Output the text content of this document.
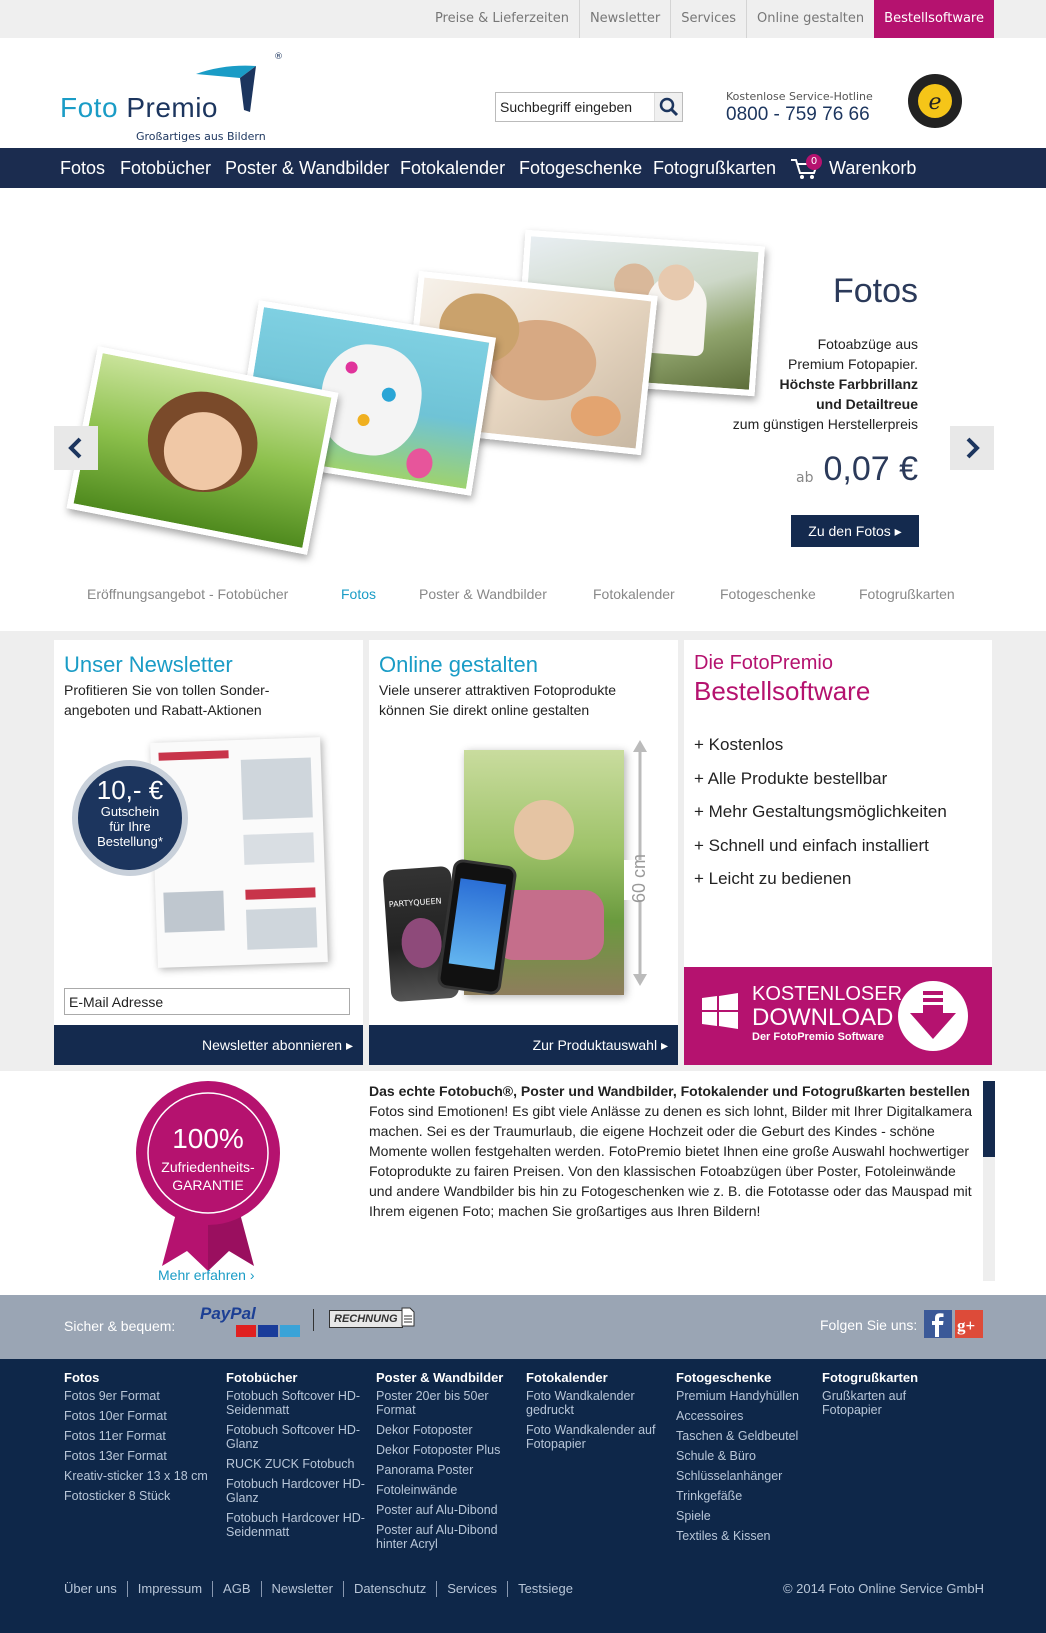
Preise & Lieferzeiten	Newsletter	Services	Online gestalten	Bestellsoftware
®
Foto Premio
Großartiges aus Bildern
Suchbegriff eingeben
Kostenlose Service-Hotline
0800 - 759 76 66	e
Fotos Fotobücher Poster & Wandbilder Fotokalender Fotogeschenke Fotogrußkarten	0 Warenkorb
Fotos
Fotoabzüge aus
Premium Fotopapier.
Höchste Farbbrillanz
und Detailtreue
zum günstigen Herstellerpreis
ab 0,07 €
Zu den Fotos ▸
Eröffnungsangebot - Fotobücher	Fotos	Poster & Wandbilder	Fotokalender	Fotogeschenke	Fotogrußkarten
Unser Newsletter
Profitieren Sie von tollen Sonder-
angeboten und Rabatt-Aktionen
10,- €
Gutschein
für Ihre
Bestellung*
E-Mail Adresse
Newsletter abonnieren ▸
Online gestalten
Viele unserer attraktiven Fotoprodukte
können Sie direkt online gestalten
60 cm
PARTYQUEEN
Zur Produktauswahl ▸
Die FotoPremio
Bestellsoftware
+ Kostenlos
+ Alle Produkte bestellbar
+ Mehr Gestaltungsmöglichkeiten
+ Schnell und einfach installiert
+ Leicht zu bedienen
KOSTENLOSER
DOWNLOAD
Der FotoPremio Software
100%
Zufriedenheits-
GARANTIE
Mehr erfahren ›
Das echte Fotobuch®, Poster und Wandbilder, Fotokalender und Fotogrußkarten bestellen
Fotos sind Emotionen! Es gibt viele Anlässe zu denen es sich lohnt, Bilder mit Ihrer Digitalkamera machen. Sei es der Traumurlaub, die eigene Hochzeit oder die Geburt des Kindes - schöne Momente wollen festgehalten werden. FotoPremio bietet Ihnen eine große Auswahl hochwertiger Fotoprodukte zu fairen Preisen. Von den klassischen Fotoabzügen über Poster, Fotoleinwände und andere Wandbilder bis hin zu Fotogeschenken wie z. B. die Fototasse oder das Mauspad mit Ihrem eigenen Foto; machen Sie großartiges aus Ihren Bildern!
Sicher & bequem:
PayPal	RECHNUNG	Folgen Sie uns: g+
Fotos
Fotos 9er Format
Fotos 10er Format
Fotos 11er Format
Fotos 13er Format
Kreativ-sticker 13 x 18 cm
Fotosticker 8 Stück
Fotobücher
Fotobuch Softcover HD-Seidenmatt
Fotobuch Softcover HD-Glanz
RUCK ZUCK Fotobuch
Fotobuch Hardcover HD-Glanz
Fotobuch Hardcover HD-Seidenmatt
Poster & Wandbilder
Poster 20er bis 50er Format
Dekor Fotoposter
Dekor Fotoposter Plus
Panorama Poster
Fotoleinwände
Poster auf Alu-Dibond
Poster auf Alu-Dibond hinter Acryl
Fotokalender
Foto Wandkalender gedruckt
Foto Wandkalender auf Fotopapier
Fotogeschenke
Premium Handyhüllen
Accessoires
Taschen & Geldbeutel
Schule & Büro
Schlüsselanhänger
Trinkgefäße
Spiele
Textiles & Kissen
Fotogrußkarten
Grußkarten auf Fotopapier
Über uns	Impressum	AGB	Newsletter	Datenschutz	Services	Testsiege	© 2014 Foto Online Service GmbH
